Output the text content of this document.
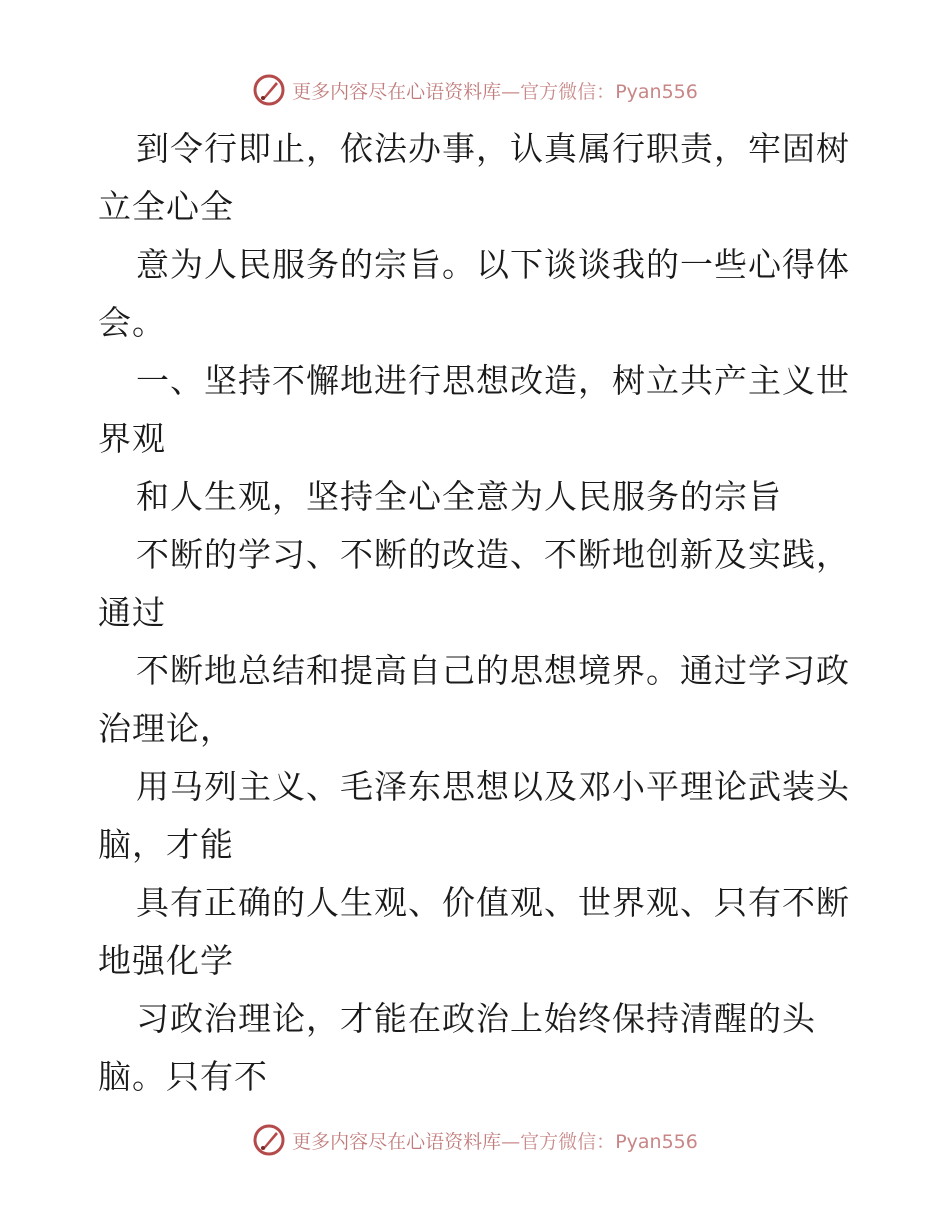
更多内容尽在心语资料库—官方微信：Pyan556
到令行即止，依法办事，认真属行职责，牢固树
立全心全
意为人民服务的宗旨。以下谈谈我的一些心得体
会。
一、坚持不懈地进行思想改造，树立共产主义世
界观
和人生观，坚持全心全意为人民服务的宗旨
不断的学习、不断的改造、不断地创新及实践，
通过
不断地总结和提高自己的思想境界。通过学习政
治理论，
用马列主义、毛泽东思想以及邓小平理论武装头
脑，才能
具有正确的人生观、价值观、世界观、只有不断
地强化学
习政治理论，才能在政治上始终保持清醒的头
脑。只有不
更多内容尽在心语资料库—官方微信：Pyan556
